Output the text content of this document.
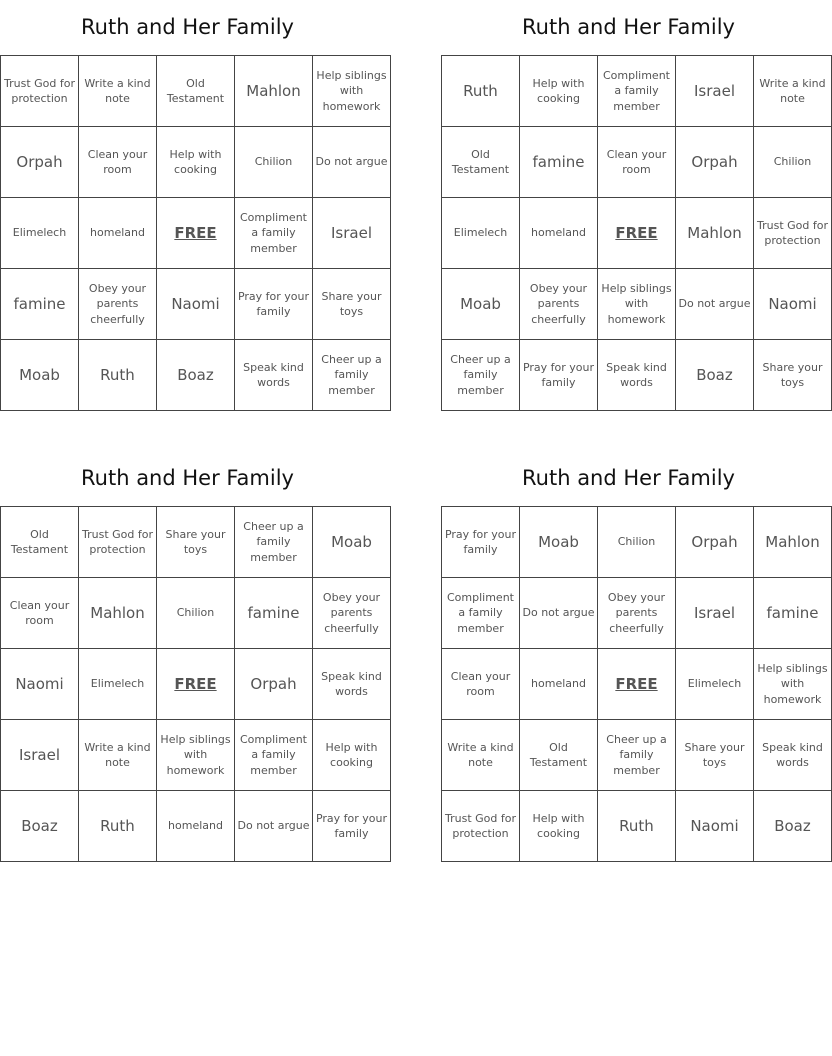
Ruth and Her Family
Trust God for protection	Write a kind note	Old Testament	Mahlon	Help siblings with homework
Orpah	Clean your room	Help with cooking	Chilion	Do not argue
Elimelech	homeland	FREE	Compliment a family member	Israel
famine	Obey your parents cheerfully	Naomi	Pray for your family	Share your toys
Moab	Ruth	Boaz	Speak kind words	Cheer up a family member
Ruth and Her Family
Ruth	Help with cooking	Compliment a family member	Israel	Write a kind note
Old Testament	famine	Clean your room	Orpah	Chilion
Elimelech	homeland	FREE	Mahlon	Trust God for protection
Moab	Obey your parents cheerfully	Help siblings with homework	Do not argue	Naomi
Cheer up a family member	Pray for your family	Speak kind words	Boaz	Share your toys
Ruth and Her Family
Old Testament	Trust God for protection	Share your toys	Cheer up a family member	Moab
Clean your room	Mahlon	Chilion	famine	Obey your parents cheerfully
Naomi	Elimelech	FREE	Orpah	Speak kind words
Israel	Write a kind note	Help siblings with homework	Compliment a family member	Help with cooking
Boaz	Ruth	homeland	Do not argue	Pray for your family
Ruth and Her Family
Pray for your family	Moab	Chilion	Orpah	Mahlon
Compliment a family member	Do not argue	Obey your parents cheerfully	Israel	famine
Clean your room	homeland	FREE	Elimelech	Help siblings with homework
Write a kind note	Old Testament	Cheer up a family member	Share your toys	Speak kind words
Trust God for protection	Help with cooking	Ruth	Naomi	Boaz
